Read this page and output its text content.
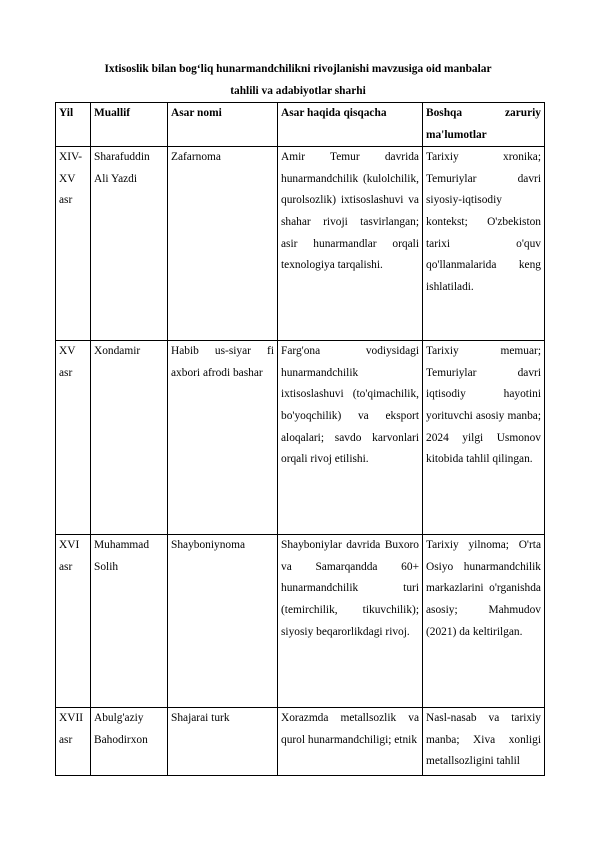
Ixtisoslik bilan bog‘liq hunarmandchilikni rivojlanishi mavzusiga oid manbalar
tahlili va adabiyotlar sharhi
Yil	Muallif	Asar nomi	Asar haqida qisqacha	Boshqa zaruriy ma'lumotlar
XIV-XV asr	Sharafuddin Ali Yazdi	Zafarnoma	Amir Temur davrida hunarmandchilik (kulolchilik, qurolsozlik) ixtisoslashuvi va shahar rivoji tasvirlangan; asir hunarmandlar orqali texnologiya tarqalishi.	Tarixiy xronika; Temuriylar davri siyosiy-iqtisodiy kontekst; O'zbekiston tarixi o'quv qo'llanmalarida keng ishlatiladi.
XV asr	Xondamir	Habib us-siyar fi axbori afrodi bashar	Farg'ona vodiysidagi hunarmandchilik ixtisoslashuvi (to'qimachilik, bo'yoqchilik) va eksport aloqalari; savdo karvonlari orqali rivoj etilishi.	Tarixiy memuar; Temuriylar davri iqtisodiy hayotini yorituvchi asosiy manba; 2024 yilgi Usmonov kitobida tahlil qilingan.
XVI asr	Muhammad Solih	Shayboniynoma	Shayboniylar davrida Buxoro va Samarqandda 60+ hunarmandchilik turi (temirchilik, tikuvchilik); siyosiy beqarorlikdagi rivoj.	Tarixiy yilnoma; O'rta Osiyo hunarmandchilik markazlarini o'rganishda asosiy; Mahmudov (2021) da keltirilgan.
XVII asr	Abulg'aziy Bahodirxon	Shajarai turk	Xorazmda metallsozlik va qurol hunarmandchiligi; etnik	Nasl-nasab va tarixiy manba; Xiva xonligi metallsozligini tahlil
